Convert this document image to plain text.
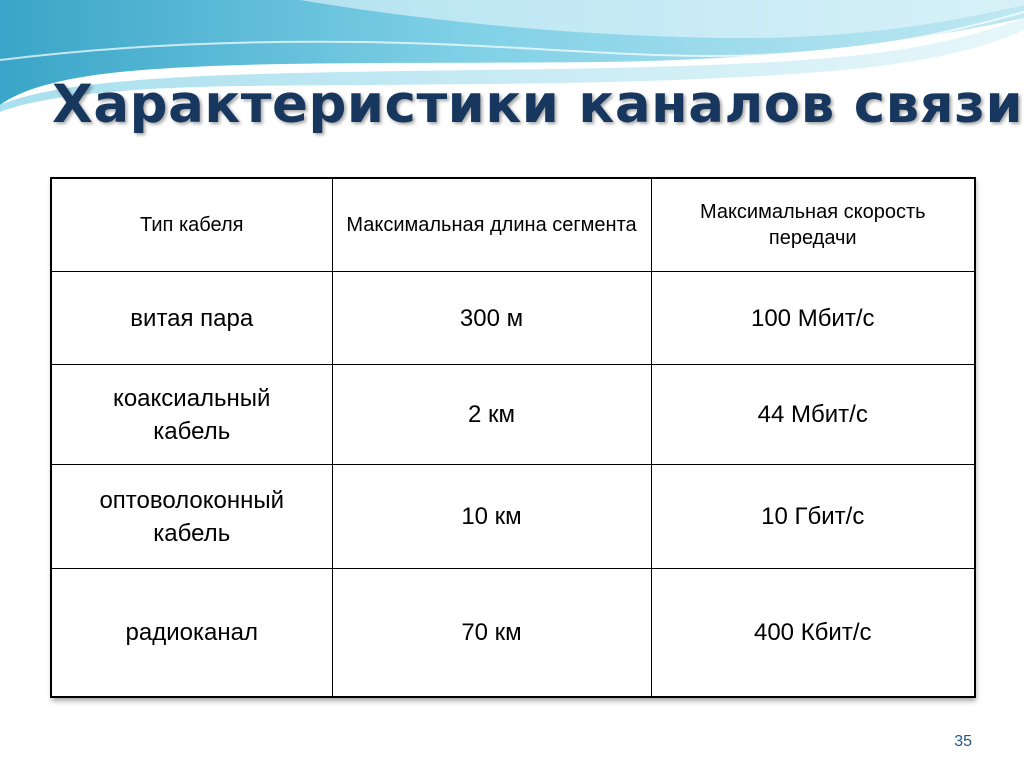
Характеристики каналов связи
Тип кабеля	Максимальная длина сегмента	Максимальная скорость передачи
витая пара	300 м	100 Мбит/с
коаксиальный кабель	2 км	44 Мбит/с
оптоволоконный кабель	10 км	10 Гбит/с
радиоканал	70 км	400 Кбит/с
35
